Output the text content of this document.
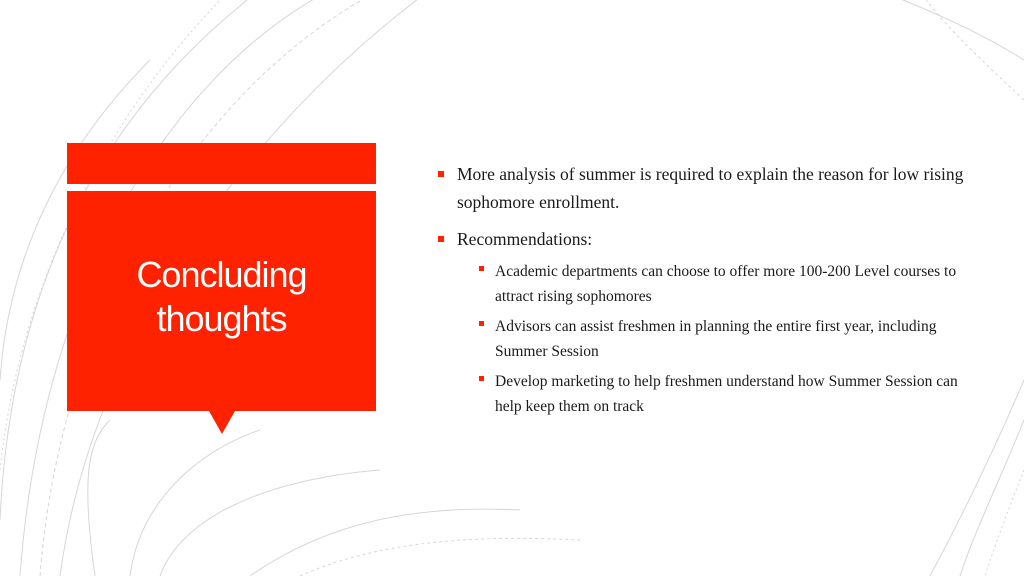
Concluding thoughts
More analysis of summer is required to explain the reason for low rising sophomore enrollment.
Recommendations:
Academic departments can choose to offer more 100-200 Level courses to attract rising sophomores
Advisors can assist freshmen in planning the entire first year, including Summer Session
Develop marketing to help freshmen understand how Summer Session can help keep them on track
